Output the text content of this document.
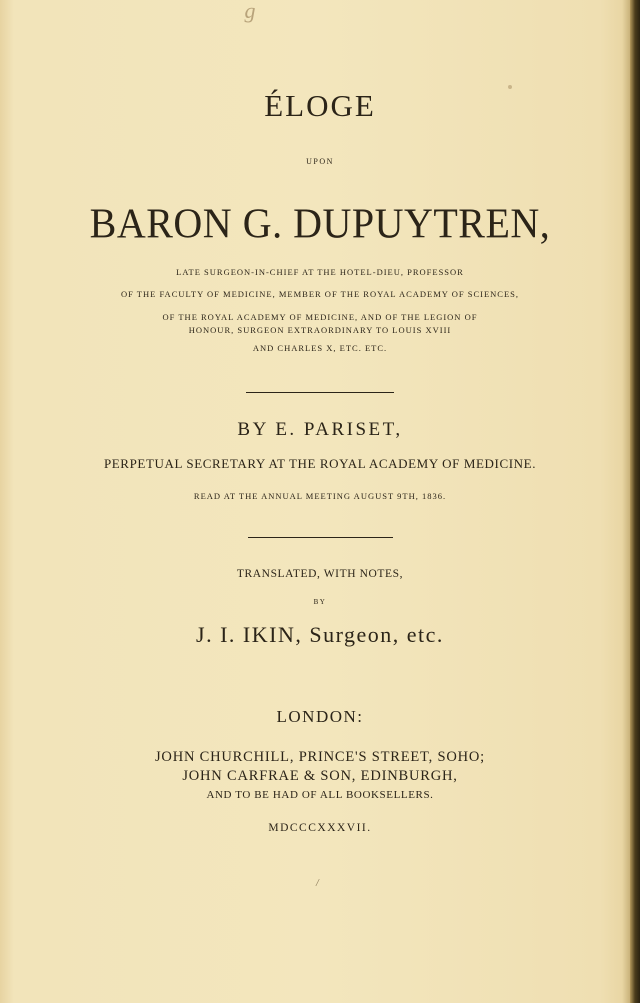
g
ÉLOGE
UPON
BARON G. DUPUYTREN,
LATE SURGEON-IN-CHIEF AT THE HOTEL-DIEU, PROFESSOR
OF THE FACULTY OF MEDICINE, MEMBER OF THE ROYAL ACADEMY OF SCIENCES,
OF THE ROYAL ACADEMY OF MEDICINE, AND OF THE LEGION OF
HONOUR, SURGEON EXTRAORDINARY TO LOUIS XVIII
AND CHARLES X, ETC. ETC.
BY E. PARISET,
PERPETUAL SECRETARY AT THE ROYAL ACADEMY OF MEDICINE.
READ AT THE ANNUAL MEETING AUGUST 9TH, 1836.
TRANSLATED, WITH NOTES,
BY
J. I. IKIN, Surgeon, etc.
LONDON:
JOHN CHURCHILL, PRINCE'S STREET, SOHO;
JOHN CARFRAE & SON, EDINBURGH,
AND TO BE HAD OF ALL BOOKSELLERS.
MDCCCXXXVII.
/
